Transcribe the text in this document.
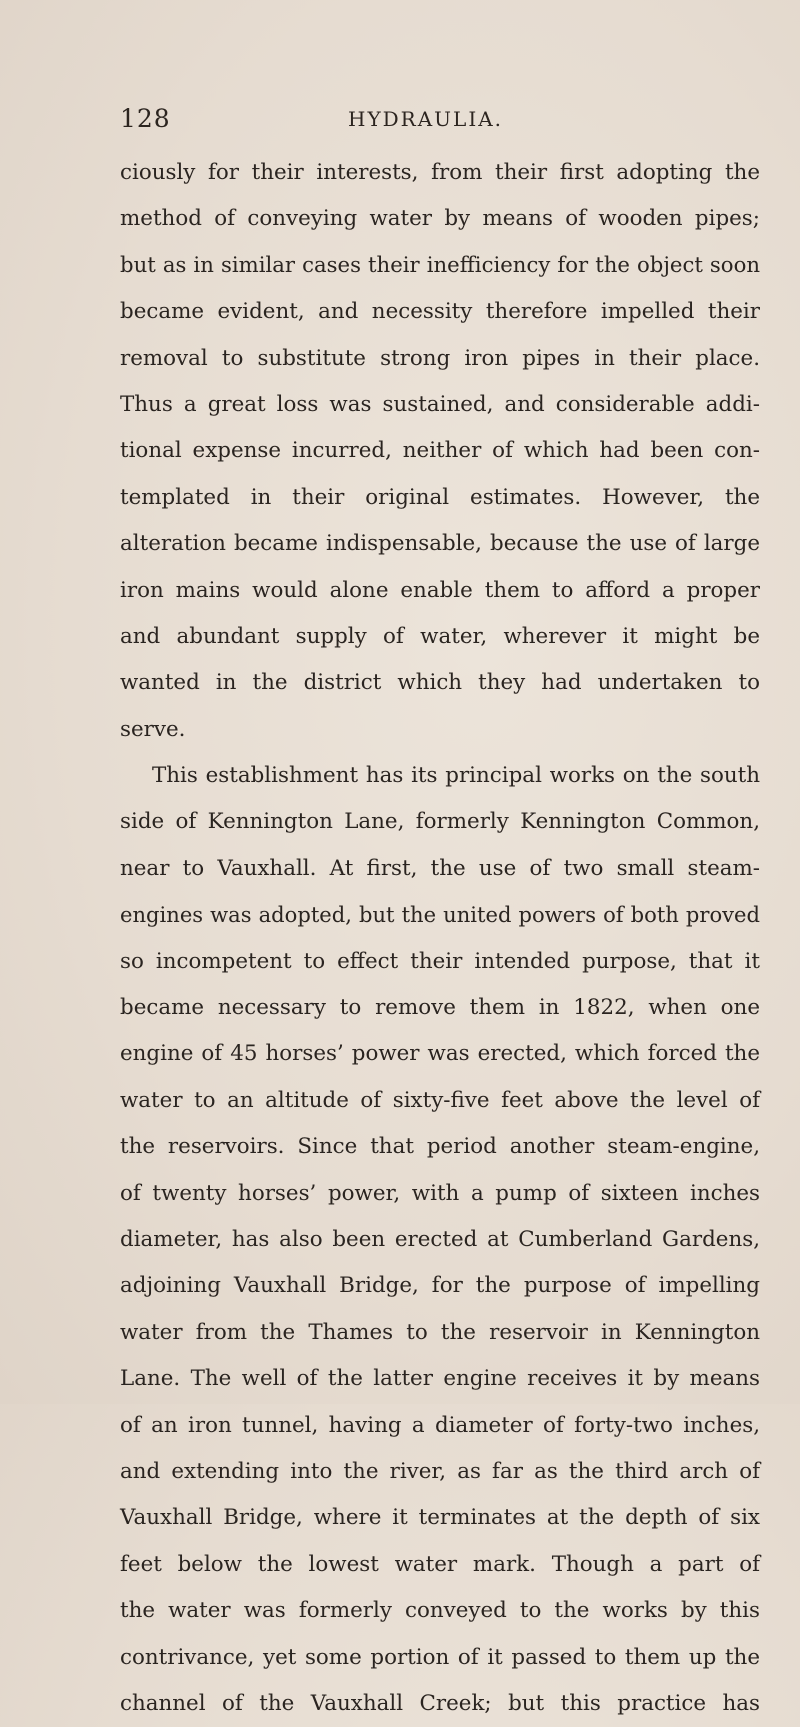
128	HYDRAULIA.
ciously for their interests, from their first adopting the
method of conveying water by means of wooden pipes;
but as in similar cases their inefficiency for the object soon
became evident, and necessity therefore impelled their
removal to substitute strong iron pipes in their place.
Thus a great loss was sustained, and considerable addi-
tional expense incurred, neither of which had been con-
templated in their original estimates. However, the
alteration became indispensable, because the use of large
iron mains would alone enable them to afford a proper
and abundant supply of water, wherever it might be
wanted in the district which they had undertaken to
serve.
This establishment has its principal works on the south
side of Kennington Lane, formerly Kennington Common,
near to Vauxhall. At first, the use of two small steam-
engines was adopted, but the united powers of both proved
so incompetent to effect their intended purpose, that it
became necessary to remove them in 1822, when one
engine of 45 horses’ power was erected, which forced the
water to an altitude of sixty-five feet above the level of
the reservoirs. Since that period another steam-engine,
of twenty horses’ power, with a pump of sixteen inches
diameter, has also been erected at Cumberland Gardens,
adjoining Vauxhall Bridge, for the purpose of impelling
water from the Thames to the reservoir in Kennington
Lane. The well of the latter engine receives it by means
of an iron tunnel, having a diameter of forty-two inches,
and extending into the river, as far as the third arch of
Vauxhall Bridge, where it terminates at the depth of six
feet below the lowest water mark. Though a part of
the water was formerly conveyed to the works by this
contrivance, yet some portion of it passed to them up the
channel of the Vauxhall Creek; but this practice has
